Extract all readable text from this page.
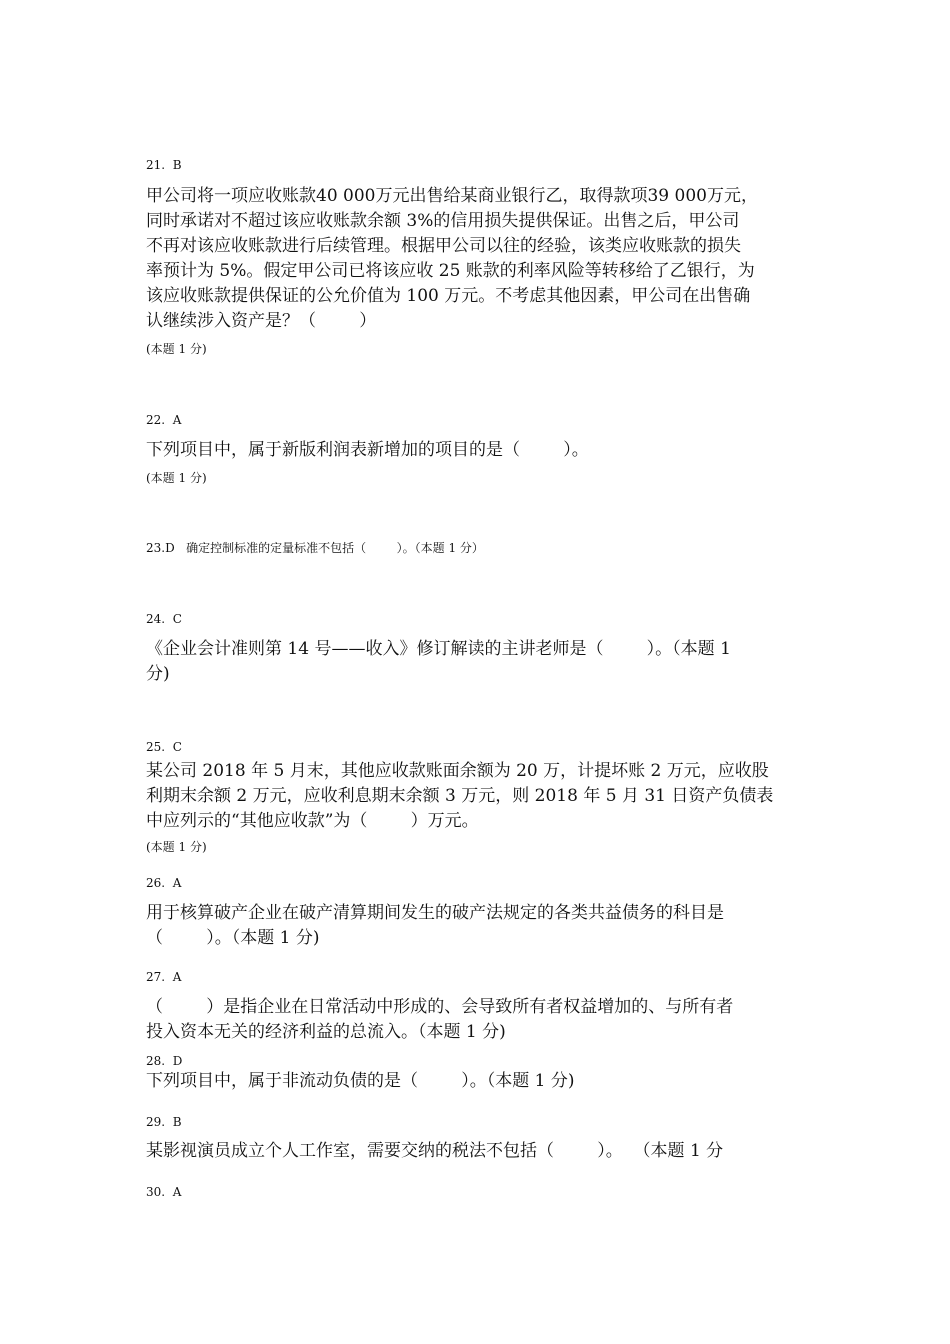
21.  B
甲公司将一项应收账款40 000万元出售给某商业银行乙，取得款项39 000万元，
同时承诺对不超过该应收账款余额 3%的信用损失提供保证。出售之后，甲公司
不再对该应收账款进行后续管理。根据甲公司以往的经验，该类应收账款的损失
率预计为 5%。假定甲公司已将该应收 25 账款的利率风险等转移给了乙银行，为
该应收账款提供保证的公允价值为 100 万元。不考虑其他因素，甲公司在出售确
认继续涉入资产是？（        ）
(本题 1 分)
22.  A
下列项目中，属于新版利润表新增加的项目的是（        ）。
(本题 1 分)
23.D   确定控制标准的定量标准不包括（        ）。（本题 1 分）
24.  C
《企业会计准则第 14 号——收入》修订解读的主讲老师是（        ）。（本题 1
分)
25.  C
某公司 2018 年 5 月末，其他应收款账面余额为 20 万，计提坏账 2 万元，应收股
利期末余额 2 万元，应收利息期末余额 3 万元，则 2018 年 5 月 31 日资产负债表
中应列示的“其他应收款”为（        ）万元。
(本题 1 分)
26.  A
用于核算破产企业在破产清算期间发生的破产法规定的各类共益债务的科目是
（        ）。（本题 1 分)
27.  A
（        ）是指企业在日常活动中形成的、会导致所有者权益增加的、与所有者
投入资本无关的经济利益的总流入。（本题 1 分)
28.  D
下列项目中，属于非流动负债的是（        ）。（本题 1 分)
29.  B
某影视演员成立个人工作室，需要交纳的税法不包括（        ）。  （本题 1 分
30.  A
